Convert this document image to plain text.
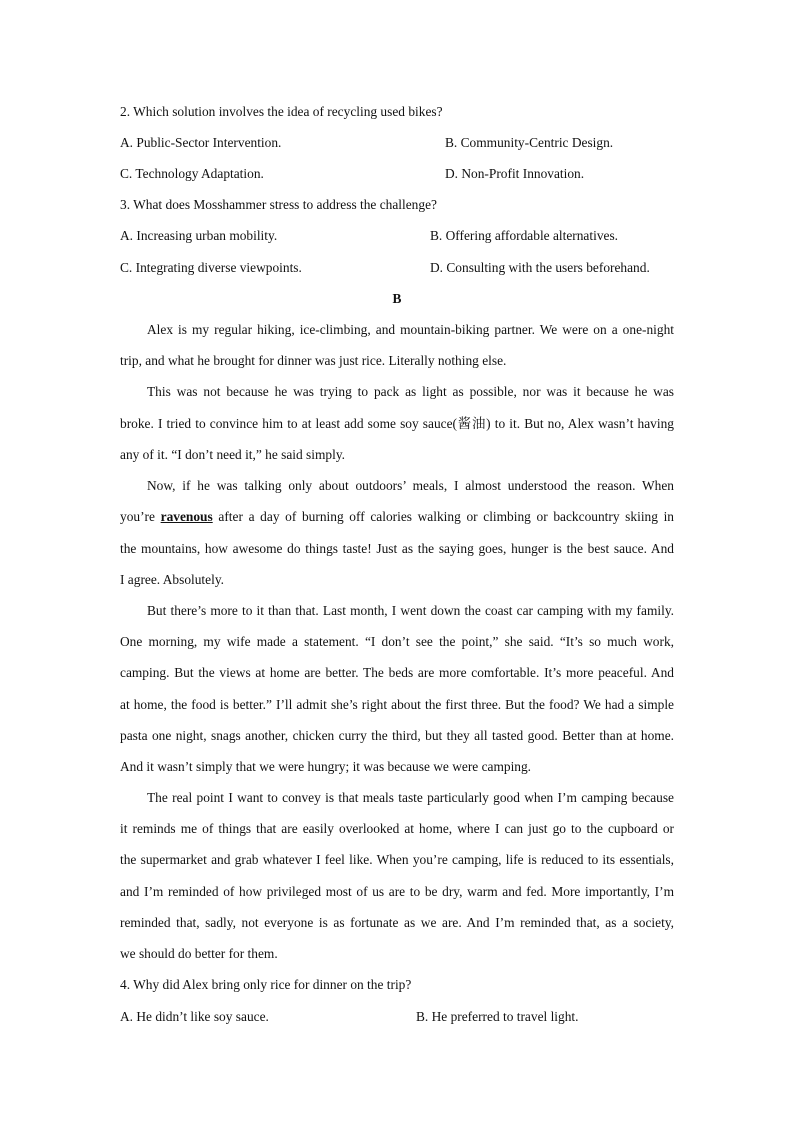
2. Which solution involves the idea of recycling used bikes?
A. Public-Sector Intervention.	B. Community-Centric Design.
C. Technology Adaptation.	D. Non-Profit Innovation.
3. What does Mosshammer stress to address the challenge?
A. Increasing urban mobility.	B. Offering affordable alternatives.
C. Integrating diverse viewpoints.	D. Consulting with the users beforehand.
B
Alex is my regular hiking, ice-climbing, and mountain-biking partner. We were on a one-night
trip, and what he brought for dinner was just rice. Literally nothing else.
This was not because he was trying to pack as light as possible, nor was it because he was
broke. I tried to convince him to at least add some soy sauce(酱油) to it. But no, Alex wasn’t having
any of it. “I don’t need it,” he said simply.
Now, if he was talking only about outdoors’ meals, I almost understood the reason. When
you’re ravenous after a day of burning off calories walking or climbing or backcountry skiing in
the mountains, how awesome do things taste! Just as the saying goes, hunger is the best sauce. And
I agree. Absolutely.
But there’s more to it than that. Last month, I went down the coast car camping with my family.
One morning, my wife made a statement. “I don’t see the point,” she said. “It’s so much work,
camping. But the views at home are better. The beds are more comfortable. It’s more peaceful. And
at home, the food is better.” I’ll admit she’s right about the first three. But the food? We had a simple
pasta one night, snags another, chicken curry the third, but they all tasted good. Better than at home.
And it wasn’t simply that we were hungry; it was because we were camping.
The real point I want to convey is that meals taste particularly good when I’m camping because
it reminds me of things that are easily overlooked at home, where I can just go to the cupboard or
the supermarket and grab whatever I feel like. When you’re camping, life is reduced to its essentials,
and I’m reminded of how privileged most of us are to be dry, warm and fed. More importantly, I’m
reminded that, sadly, not everyone is as fortunate as we are. And I’m reminded that, as a society,
we should do better for them.
4. Why did Alex bring only rice for dinner on the trip?
A. He didn’t like soy sauce.	B. He preferred to travel light.
